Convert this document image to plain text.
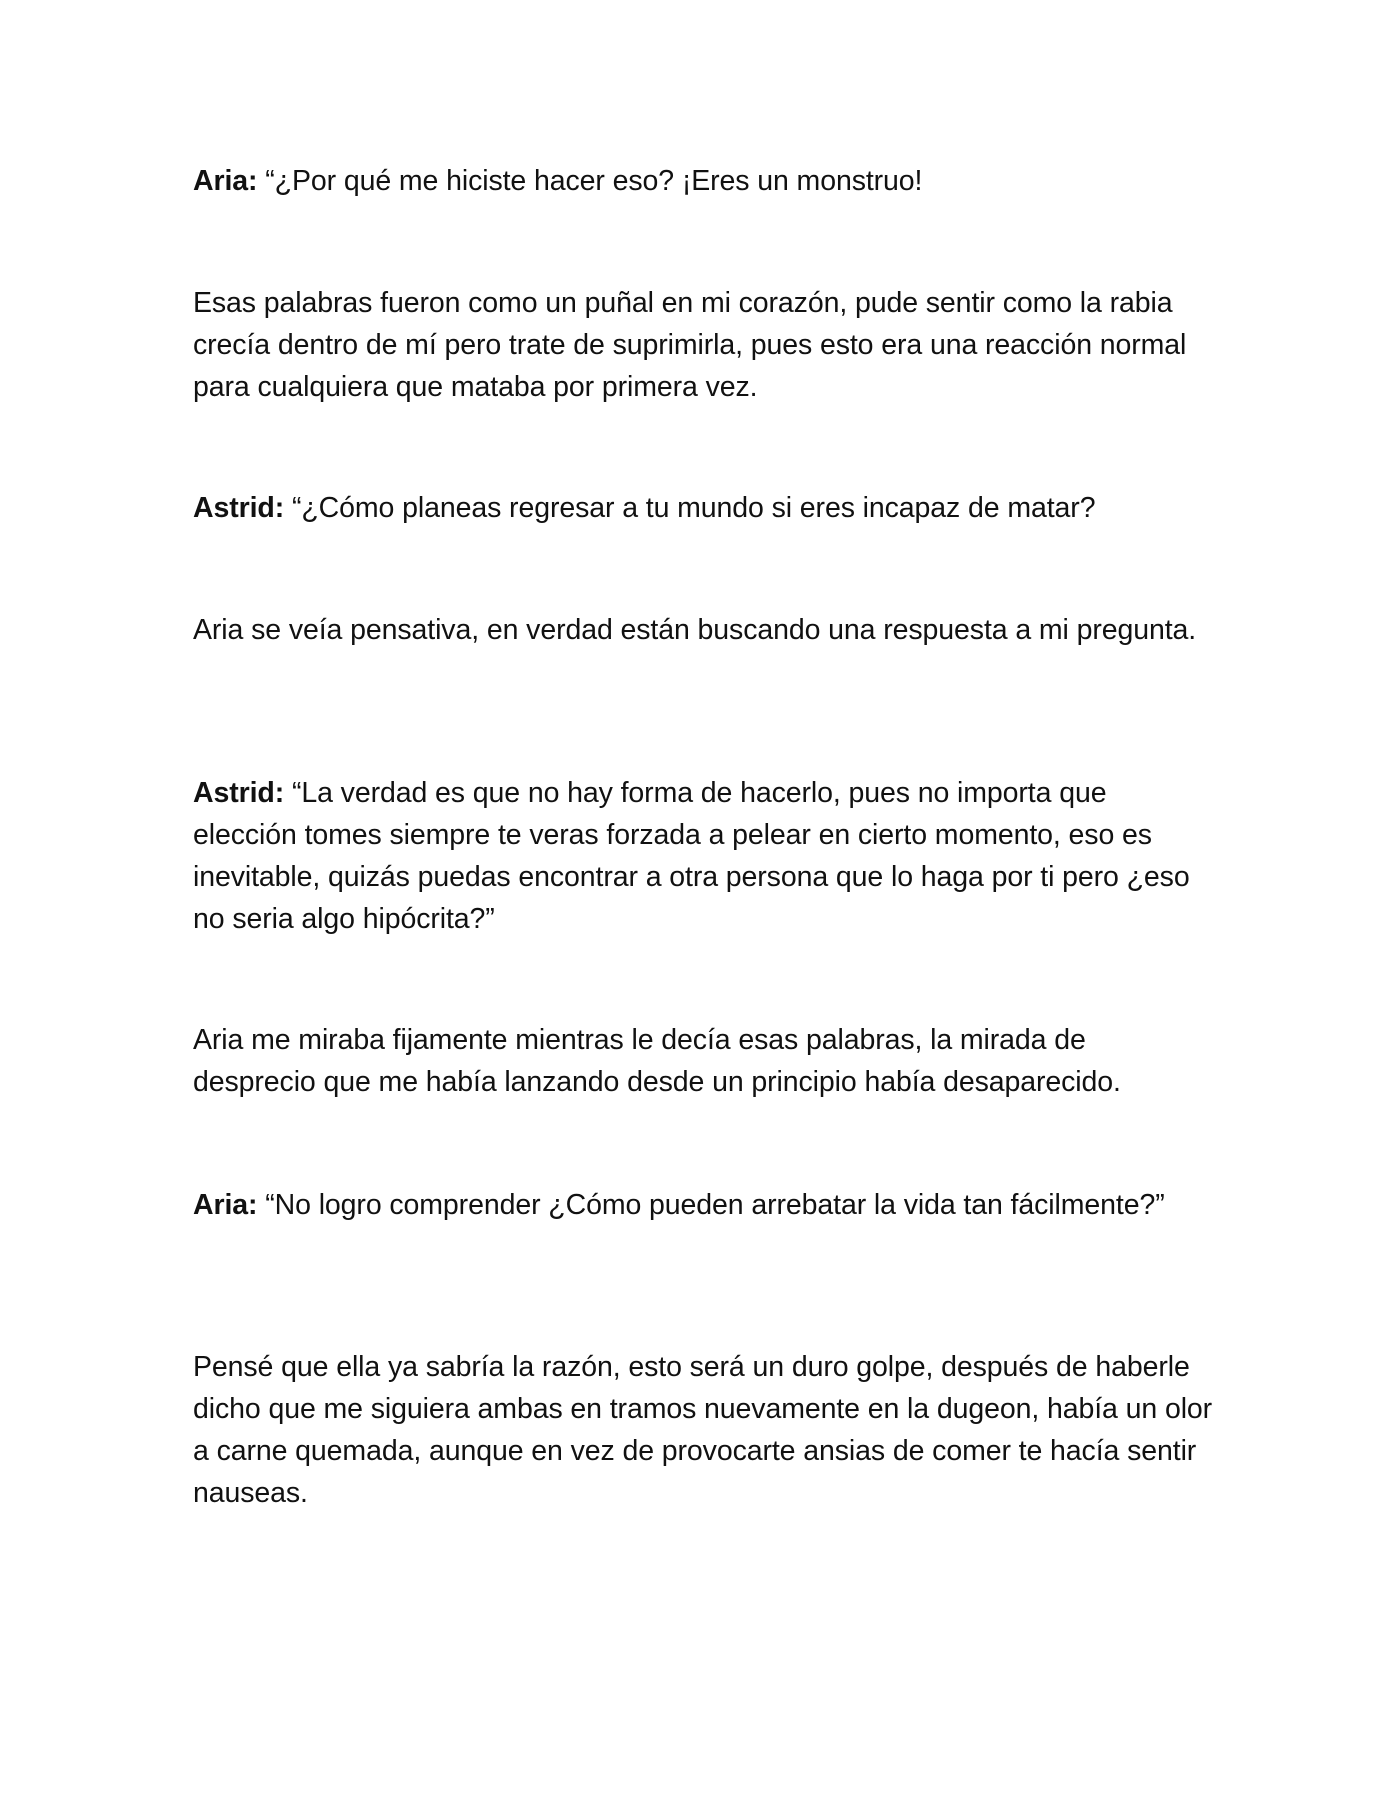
Aria: “¿Por qué me hiciste hacer eso? ¡Eres un monstruo!

Esas palabras fueron como un puñal en mi corazón, pude sentir como la rabia crecía dentro de mí pero trate de suprimirla, pues esto era una reacción normal para cualquiera que mataba por primera vez.

Astrid: “¿Cómo planeas regresar a tu mundo si eres incapaz de matar?

Aria se veía pensativa, en verdad están buscando una respuesta a mi pregunta.

Astrid: “La verdad es que no hay forma de hacerlo, pues no importa que elección tomes siempre te veras forzada a pelear en cierto momento, eso es inevitable, quizás puedas encontrar a otra persona que lo haga por ti pero ¿eso no seria algo hipócrita?”

Aria me miraba fijamente mientras le decía esas palabras, la mirada de desprecio que me había lanzando desde un principio había desaparecido.

Aria: “No logro comprender ¿Cómo pueden arrebatar la vida tan fácilmente?”

Pensé que ella ya sabría la razón, esto será un duro golpe, después de haberle dicho que me siguiera ambas en tramos nuevamente en la dugeon, había un olor a carne quemada, aunque en vez de provocarte ansias de comer te hacía sentir nauseas.
